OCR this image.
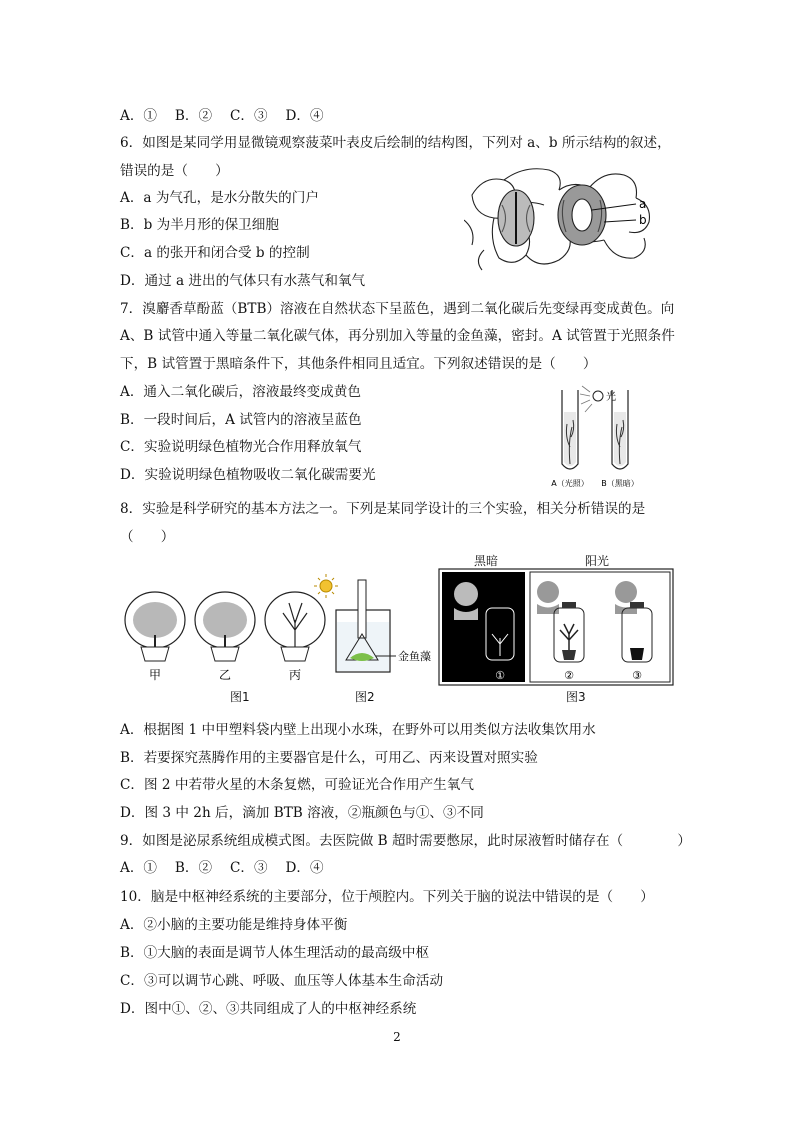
A．①　 B．②　 C．③　 D．④
6．如图是某同学用显微镜观察菠菜叶表皮后绘制的结构图，下列对 a、b 所示结构的叙述，
错误的是（　　）
A．a 为气孔，是水分散失的门户
B．b 为半月形的保卫细胞
C．a 的张开和闭合受 b 的控制
D．通过 a 进出的气体只有水蒸气和氧气
a
b
7．溴麝香草酚蓝（BTB）溶液在自然状态下呈蓝色，遇到二氧化碳后先变绿再变成黄色。向
A、B 试管中通入等量二氧化碳气体，再分别加入等量的金鱼藻，密封。A 试管置于光照条件
下，B 试管置于黑暗条件下，其他条件相同且适宜。下列叙述错误的是（　　）
A．通入二氧化碳后，溶液最终变成黄色
B．一段时间后，A 试管内的溶液呈蓝色
C．实验说明绿色植物光合作用释放氧气
D．实验说明绿色植物吸收二氧化碳需要光
光
A（光照） B（黑暗）
8．实验是科学研究的基本方法之一。下列是某同学设计的三个实验，相关分析错误的是
（　　）
甲	乙	丙
图1
金鱼藻
图2
黑暗	阳光
①	②	③
图3
A．根据图 1 中甲塑料袋内壁上出现小水珠，在野外可以用类似方法收集饮用水
B．若要探究蒸腾作用的主要器官是什么，可用乙、丙来设置对照实验
C．图 2 中若带火星的木条复燃，可验证光合作用产生氧气
D．图 3 中 2h 后，滴加 BTB 溶液，②瓶颜色与①、③不同
9．如图是泌尿系统组成模式图。去医院做 B 超时需要憋尿，此时尿液暂时储存在（　　　　）
A．①　 B．②　 C．③　 D．④
10．脑是中枢神经系统的主要部分，位于颅腔内。下列关于脑的说法中错误的是（　　）
A．②小脑的主要功能是维持身体平衡
B．①大脑的表面是调节人体生理活动的最高级中枢
C．③可以调节心跳、呼吸、血压等人体基本生命活动
D．图中①、②、③共同组成了人的中枢神经系统
2
